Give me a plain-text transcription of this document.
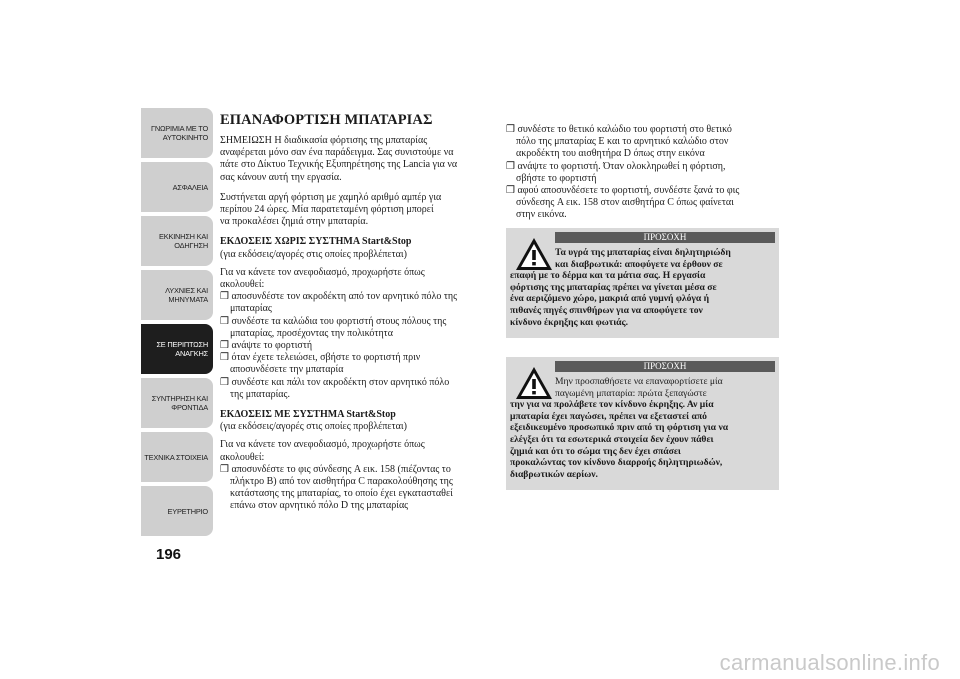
ΓΝΩΡΙΜΙΑ ΜΕ ΤΟ
ΑΥΤΟΚΙΝΗΤΟ
ΑΣΦΑΛΕΙΑ
ΕΚΚΙΝΗΣΗ ΚΑΙ
ΟΔΗΓΗΣΗ
ΛΥΧΝΙΕΣ ΚΑΙ
ΜΗΝΥΜΑΤΑ
ΣΕ ΠΕΡΙΠΤΩΣΗ
ΑΝΑΓΚΗΣ
ΣΥΝΤΗΡΗΣΗ ΚΑΙ
ΦΡΟΝΤΙΔΑ
ΤΕΧΝΙΚΑ ΣΤΟΙΧΕΙΑ
ΕΥΡΕΤΗΡΙΟ
196

ΕΠΑΝΑΦΟΡΤΙΣΗ ΜΠΑΤΑΡΙΑΣ

ΣΗΜΕΙΩΣΗ Η διαδικασία φόρτισης της μπαταρίας

αναφέρεται μόνο σαν ένα παράδειγμα. Σας συνιστούμε να

πάτε στο Δίκτυο Τεχνικής Εξυπηρέτησης της Lancia για να

σας κάνουν αυτή την εργασία.

Συστήνεται αργή φόρτιση με χαμηλό αριθμό αμπέρ για

περίπου 24 ώρες. Μία παρατεταμένη φόρτιση μπορεί

να προκαλέσει ζημιά στην μπαταρία.

ΕΚΔΟΣΕΙΣ ΧΩΡΙΣ ΣΥΣΤΗΜΑ Start&Stop

(για εκδόσεις/αγορές στις οποίες προβλέπεται)

Για να κάνετε τον ανεφοδιασμό, προχωρήστε όπως

ακολουθεί:

❒ αποσυνδέστε τον ακροδέκτη από τον αρνητικό πόλο της
μπαταρίας
❒ συνδέστε τα καλώδια του φορτιστή στους πόλους της
μπαταρίας, προσέχοντας την πολικότητα
❒ ανάψτε το φορτιστή
❒ όταν έχετε τελειώσει, σβήστε το φορτιστή πριν
αποσυνδέσετε την μπαταρία
❒ συνδέστε και πάλι τον ακροδέκτη στον αρνητικό πόλο
της μπαταρίας.

ΕΚΔΟΣΕΙΣ ΜΕ ΣΥΣΤΗΜΑ Start&Stop

(για εκδόσεις/αγορές στις οποίες προβλέπεται)

Για να κάνετε τον ανεφοδιασμό, προχωρήστε όπως

ακολουθεί:

❒ αποσυνδέστε το φις σύνδεσης A εικ. 158 (πιέζοντας το
πλήκτρο B) από τον αισθητήρα C παρακολούθησης της
κατάστασης της μπαταρίας, το οποίο έχει εγκατασταθεί
επάνω στον αρνητικό πόλο D της μπαταρίας
❒ συνδέστε το θετικό καλώδιο του φορτιστή στο θετικό
πόλο της μπαταρίας E και το αρνητικό καλώδιο στον
ακροδέκτη του αισθητήρα D όπως στην εικόνα
❒ ανάψτε το φορτιστή. Όταν ολοκληρωθεί η φόρτιση,
σβήστε το φορτιστή
❒ αφού αποσυνδέσετε το φορτιστή, συνδέστε ξανά το φις
σύνδεσης A εικ. 158 στον αισθητήρα C όπως φαίνεται
στην εικόνα.
ΠΡΟΣΟΧΗ
Τα υγρά της μπαταρίας είναι δηλητηριώδη
και διαβρωτικά: αποφύγετε να έρθουν σε
επαφή με το δέρμα και τα μάτια σας. Η εργασία
φόρτισης της μπαταρίας πρέπει να γίνεται μέσα σε
ένα αεριζόμενο χώρο, μακριά από γυμνή φλόγα ή
πιθανές πηγές σπινθήρων για να αποφύγετε τον
κίνδυνο έκρηξης και φωτιάς.
ΠΡΟΣΟΧΗ
Μην προσπαθήσετε να επαναφορτίσετε μία
παγωμένη μπαταρία: πρώτα ξεπαγώστε
την για να προλάβετε τον κίνδυνο έκρηξης. Αν μία
μπαταρία έχει παγώσει, πρέπει να εξεταστεί από
εξειδικευμένο προσωπικό πριν από τη φόρτιση για να
ελέγξει ότι τα εσωτερικά στοιχεία δεν έχουν πάθει
ζημιά και ότι το σώμα της δεν έχει σπάσει
προκαλώντας τον κίνδυνο διαρροής δηλητηριωδών,
διαβρωτικών αερίων.
carmanualsonline.info
